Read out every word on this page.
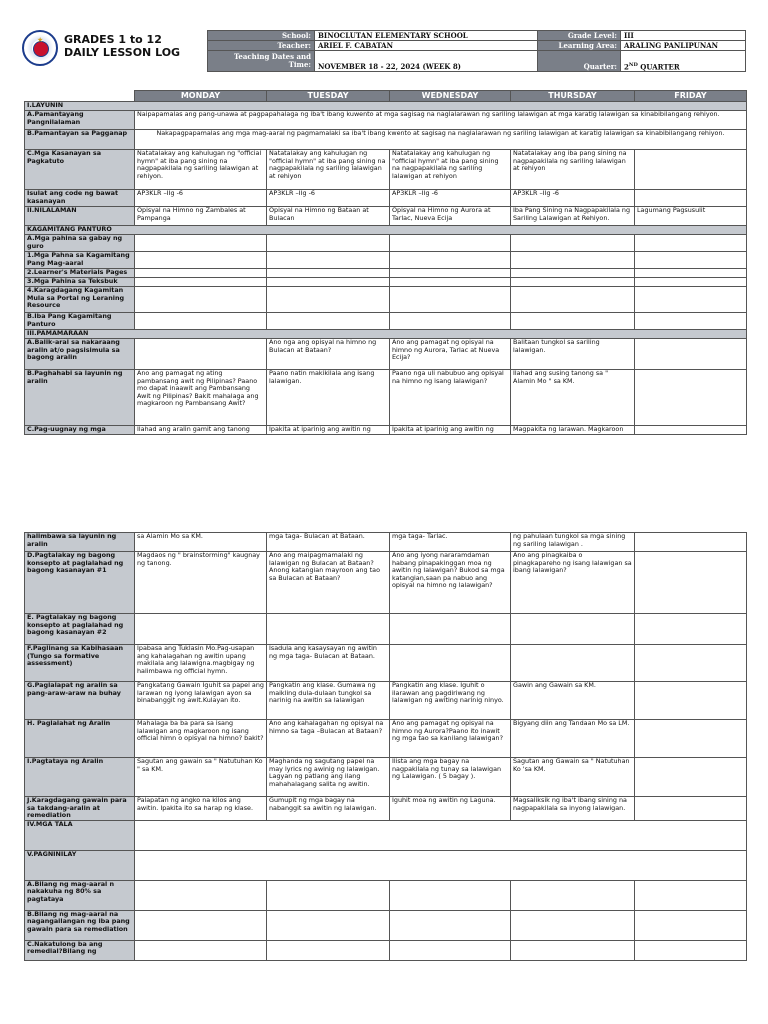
★ GRADES 1 to 12
DAILY LESSON LOG
School:	BINOCLUTAN ELEMENTARY SCHOOL	Grade Level:	III
Teacher:	ARIEL F. CABATAN	Learning Area:	ARALING PANLIPUNAN
Teaching Dates and
Time:	NOVEMBER 18 - 22, 2024 (WEEK 8)	Quarter:	2ND QUARTER
	MONDAY	TUESDAY	WEDNESDAY	THURSDAY	FRIDAY
I.LAYUNIN					
A.Pamantayang Pangnilalaman	Naipapamalas ang pang-unawa at pagpapahalaga ng iba't ibang kuwento at mga sagisag na naglalarawan ng sariling lalawigan at mga karatig lalawigan sa kinabibilangang rehiyon.				
B.Pamantayan sa Pagganap	Nakapagpapamalas ang mga mag-aaral ng pagmamalaki sa iba't ibang kwento at sagisag na naglalarawan ng sariling lalawigan at karatig lalawigan sa kinabibilangang rehiyon.				
C.Mga Kasanayan sa Pagkatuto	Natatalakay ang kahulugan ng "official hymn" at iba pang sining na nagpapakilala ng sariling lalawigan at rehiyon.	Natatalakay ang kahulugan ng "official hymn" at iba pang sining na nagpapakilala ng sariling lalawigan at rehiyon	Natatalakay ang kahulugan ng "official hymn" at iba pang sining na nagpapakilala ng sariling lalawigan at rehiyon	Natatalakay ang iba pang sining na nagpapakilala ng sariling lalawigan at rehiyon	
Isulat ang code ng bawat kasanayan	AP3KLR –IIg -6	AP3KLR –IIg -6	AP3KLR –IIg -6	AP3KLR –IIg -6	
II.NILALAMAN	Opisyal na Himno ng Zambales at Pampanga	Opisyal na Himno ng Bataan at Bulacan	Opisyal na Himno ng Aurora at Tarlac, Nueva Ecija	Iba Pang Sining na Nagpapakilala ng Sariling Lalawigan at Rehiyon.	Lagumang Pagsusulit
KAGAMITANG PANTURO					
A.Mga pahina sa gabay ng guro					
1.Mga Pahna sa Kagamitang Pang Mag-aaral					
2.Learner's Materials Pages					
3.Mga Pahina sa Teksbuk					
4.Karagdagang Kagamitan Mula sa Portal ng Leraning Resource					
B.Iba Pang Kagamitang Panturo					
III.PAMAMARAAN					
A.Balik-aral sa nakaraang aralin at/o pagsisimula sa bagong aralin		Ano nga ang opisyal na himno ng Bulacan at Bataan?	Ano ang pamagat ng opisyal na himno ng Aurora, Tarlac at Nueva Ecija?	Balitaan tungkol sa sariling lalawigan.	
B.Paghahabi sa layunin ng aralin	Ano ang pamagat ng ating pambansang awit ng Pilipinas? Paano mo dapat inaawit ang Pambansang Awit ng Pilipinas? Bakit mahalaga ang magkaroon ng Pambansang Awit?	Paano natin makikilala ang isang lalawigan.	Paano nga uli nabubuo ang opisyal na himno ng isang lalawigan?	Ilahad ang susing tanong sa " Alamin Mo " sa KM.	
C.Pag-uugnay ng mga	Ilahad ang aralin gamit ang tanong	Ipakita at iparinig ang awitin ng	Ipakita at iparinig ang awitin ng	Magpakita ng larawan. Magkaroon	
halimbawa sa layunin ng aralin	sa Alamin Mo sa KM.	mga taga- Bulacan at Bataan.	mga taga- Tarlac.	ng pahulaan tungkol sa mga sining ng sariling lalawigan .	
D.Pagtalakay ng bagong konsepto at paglalahad ng bagong kasanayan #1	Magdaos ng " brainstorming" kaugnay ng tanong.	Ano ang maipagmamalaki ng lalawigan ng Bulacan at Bataan? Anong katangian mayroon ang tao sa Bulacan at Bataan?	Ano ang iyong nararamdaman habang pinapakinggan moa ng awitin ng lalawigan? Bukod sa mga katangian,saan pa nabuo ang opisyal na himno ng lalawigan?	Ano ang pinagkaiba o pinagkapareho ng isang lalawigan sa ibang lalawigan?	
E. Pagtalakay ng bagong konsepto at paglalahad ng bagong kasanayan #2					
F.Paglinang sa Kabihasaan (Tungo sa formative assessment)	Ipabasa ang Tuklasin Mo.Pag-usapan ang kahalagahan ng awitin upang makilala ang lalawigna.magbigay ng halimbawa ng official hymn.	Isadula ang kasaysayan ng awitin ng mga taga- Bulacan at Bataan.			
G.Paglalapat ng aralin sa pang-araw-araw na buhay	Pangkatang Gawain Iguhit sa papel ang larawan ng iyong lalawigan ayon sa binabanggit ng awit.Kulayan ito.	Pangkatin ang klase. Gumawa ng maikling dula-dulaan tungkol sa narinig na awitin sa lalawigan	Pangkatin ang klase. Iguhit o ilarawan ang pagdiriwang ng lalawigan ng awiting narinig ninyo.	Gawin ang Gawain sa KM.	
H. Paglalahat ng Aralin	Mahalaga ba ba para sa isang lalawigan ang magkaroon ng isang official himn o opisyal na himno? bakit?	Ano ang kahalagahan ng opisyal na himno sa taga –Bulacan at Bataan?	Ano ang pamagat ng opisyal na himno ng Aurora?Paano ito inawit ng mga tao sa kanilang lalawigan?	Bigyang diin ang Tandaan Mo sa LM.	
I.Pagtataya ng Aralin	Sagutan ang gawain sa " Natutuhan Ko " sa KM.	Maghanda ng sagutang papel na may lyrics ng awinig ng lalawigan. Lagyan ng patlang ang ilang mahahalagang salita ng awitin.	Ilista ang mga bagay na nagpakilala ng tunay sa lalawigan ng Lalawigan. ( 5 bagay ).	Sagutan ang Gawain sa " Natutuhan Ko 'sa KM.	
J.Karagdagang gawain para sa takdang-aralin at remediation	Palapatan ng angko na kilos ang awitin. Ipakita ito sa harap ng klase.	Gumupit ng mga bagay na nabanggit sa awitin ng lalawigan.	Iguhit moa ng awitin ng Laguna.	Magsaliksik ng iba't ibang sining na nagpapakilala sa inyong lalawigan.	
IV.MGA TALA					
V.PAGNINILAY					
A.Bilang ng mag-aaral n nakakuha ng 80% sa pagtataya					
B.Bilang ng mag-aaral na nagangailangan ng iba pang gawain para sa remediation					
C.Nakatulong ba ang remedial?Bilang ng					
